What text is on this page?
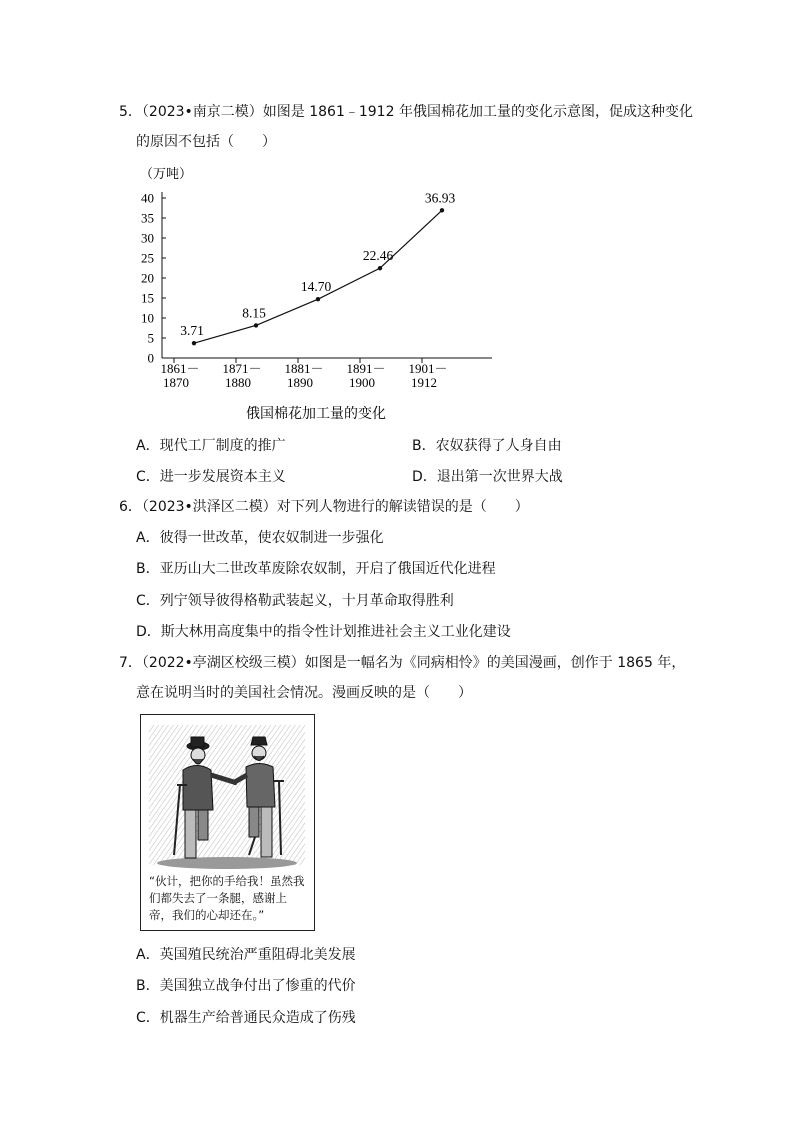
5．（2023•南京二模）如图是 1861﹣1912 年俄国棉花加工量的变化示意图，促成这种变化
的原因不包括（　　）
（万吨）
0
5
10
15
20
25
30
35
40
1861－
1870
1871－
1880
1881－
1890
1891－
1900
1901－
1912
3.71
8.15
14.70
22.46
36.93
俄国棉花加工量的变化
A．现代工厂制度的推广	B．农奴获得了人身自由
C．进一步发展资本主义	D．退出第一次世界大战
6．（2023•洪泽区二模）对下列人物进行的解读错误的是（　　）
A．彼得一世改革，使农奴制进一步强化
B．亚历山大二世改革废除农奴制，开启了俄国近代化进程
C．列宁领导彼得格勒武装起义，十月革命取得胜利
D．斯大林用高度集中的指令性计划推进社会主义工业化建设
7．（2022•亭湖区校级三模）如图是一幅名为《同病相怜》的美国漫画，创作于 1865 年，
意在说明当时的美国社会情况。漫画反映的是（　　）
“伙计，把你的手给我！虽然我们都失去了一条腿，感谢上帝，我们的心却还在。”
A．英国殖民统治严重阻碍北美发展
B．美国独立战争付出了惨重的代价
C．机器生产给普通民众造成了伤残
